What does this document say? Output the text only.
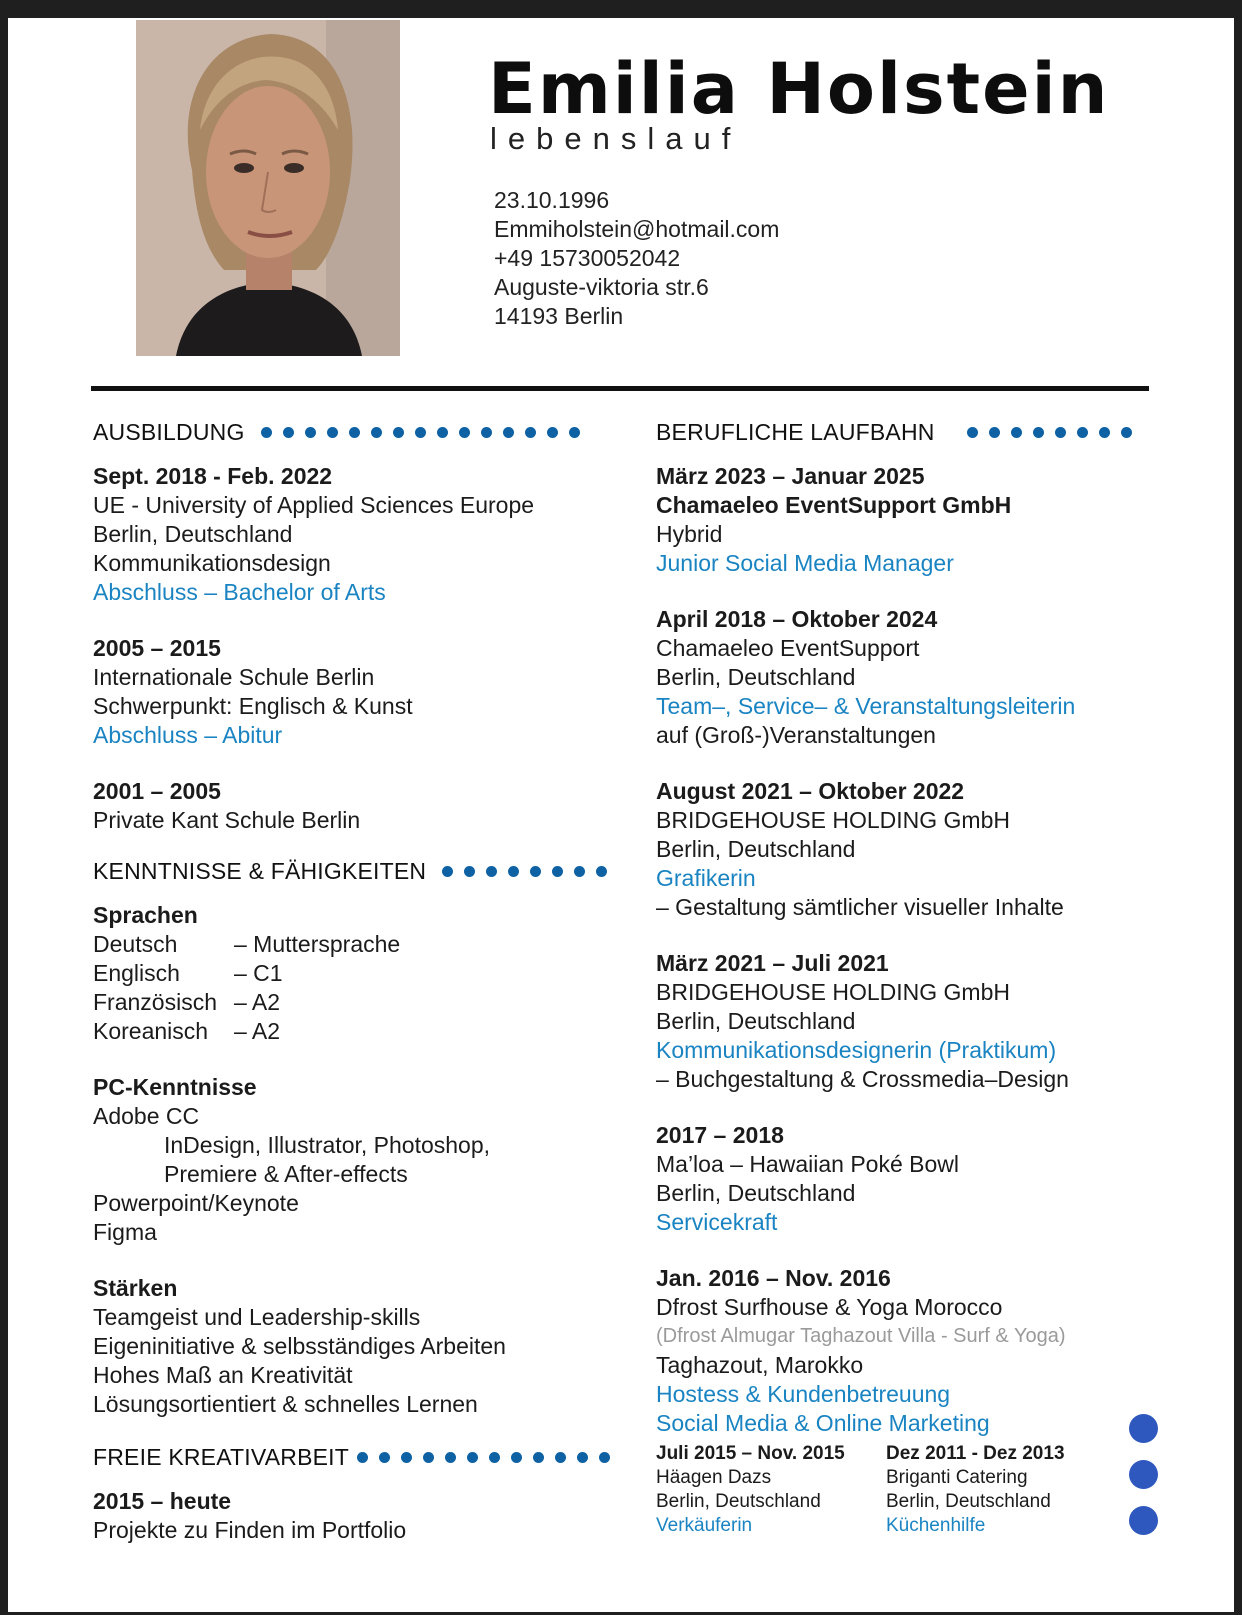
Emilia Holstein
lebenslauf
23.10.1996
Emmiholstein@hotmail.com
+49 15730052042
Auguste-viktoria str.6
14193 Berlin
AUSBILDUNG
Sept. 2018 - Feb. 2022
UE - University of Applied Sciences Europe
Berlin, Deutschland
Kommunikationsdesign
Abschluss – Bachelor of Arts
2005 – 2015
Internationale Schule Berlin
Schwerpunkt: Englisch & Kunst
Abschluss – Abitur
2001 – 2005
Private Kant Schule Berlin
KENNTNISSE & FÄHIGKEITEN
Sprachen
Deutsch	– Muttersprache
Englisch	– C1
Französisch – A2
Koreanisch	– A2
PC-Kenntnisse
Adobe CC
InDesign, Illustrator, Photoshop,
Premiere & After-effects
Powerpoint/Keynote
Figma
Stärken
Teamgeist und Leadership-skills
Eigeninitiative & selbsständiges Arbeiten
Hohes Maß an Kreativität
Lösungsortientiert & schnelles Lernen
FREIE KREATIVARBEIT
2015 – heute
Projekte zu Finden im Portfolio
BERUFLICHE LAUFBAHN
März 2023 – Januar 2025
Chamaeleo EventSupport GmbH
Hybrid
Junior Social Media Manager
April 2018 – Oktober 2024
Chamaeleo EventSupport
Berlin, Deutschland
Team–, Service– & Veranstaltungsleiterin
auf (Groß-)Veranstaltungen
August 2021 – Oktober 2022
BRIDGEHOUSE HOLDING GmbH
Berlin, Deutschland
Grafikerin
– Gestaltung sämtlicher visueller Inhalte
März 2021 – Juli 2021
BRIDGEHOUSE HOLDING GmbH
Berlin, Deutschland
Kommunikationsdesignerin (Praktikum)
– Buchgestaltung & Crossmedia–Design
2017 – 2018
Ma’loa – Hawaiian Poké Bowl
Berlin, Deutschland
Servicekraft
Jan. 2016 – Nov. 2016
Dfrost Surfhouse & Yoga Morocco
(Dfrost Almugar Taghazout Villa - Surf & Yoga)
Taghazout, Marokko
Hostess & Kundenbetreuung
Social Media & Online Marketing
Juli 2015 – Nov. 2015
Häagen Dazs
Berlin, Deutschland
Verkäuferin
Dez 2011 - Dez 2013
Briganti Catering
Berlin, Deutschland
Küchenhilfe
